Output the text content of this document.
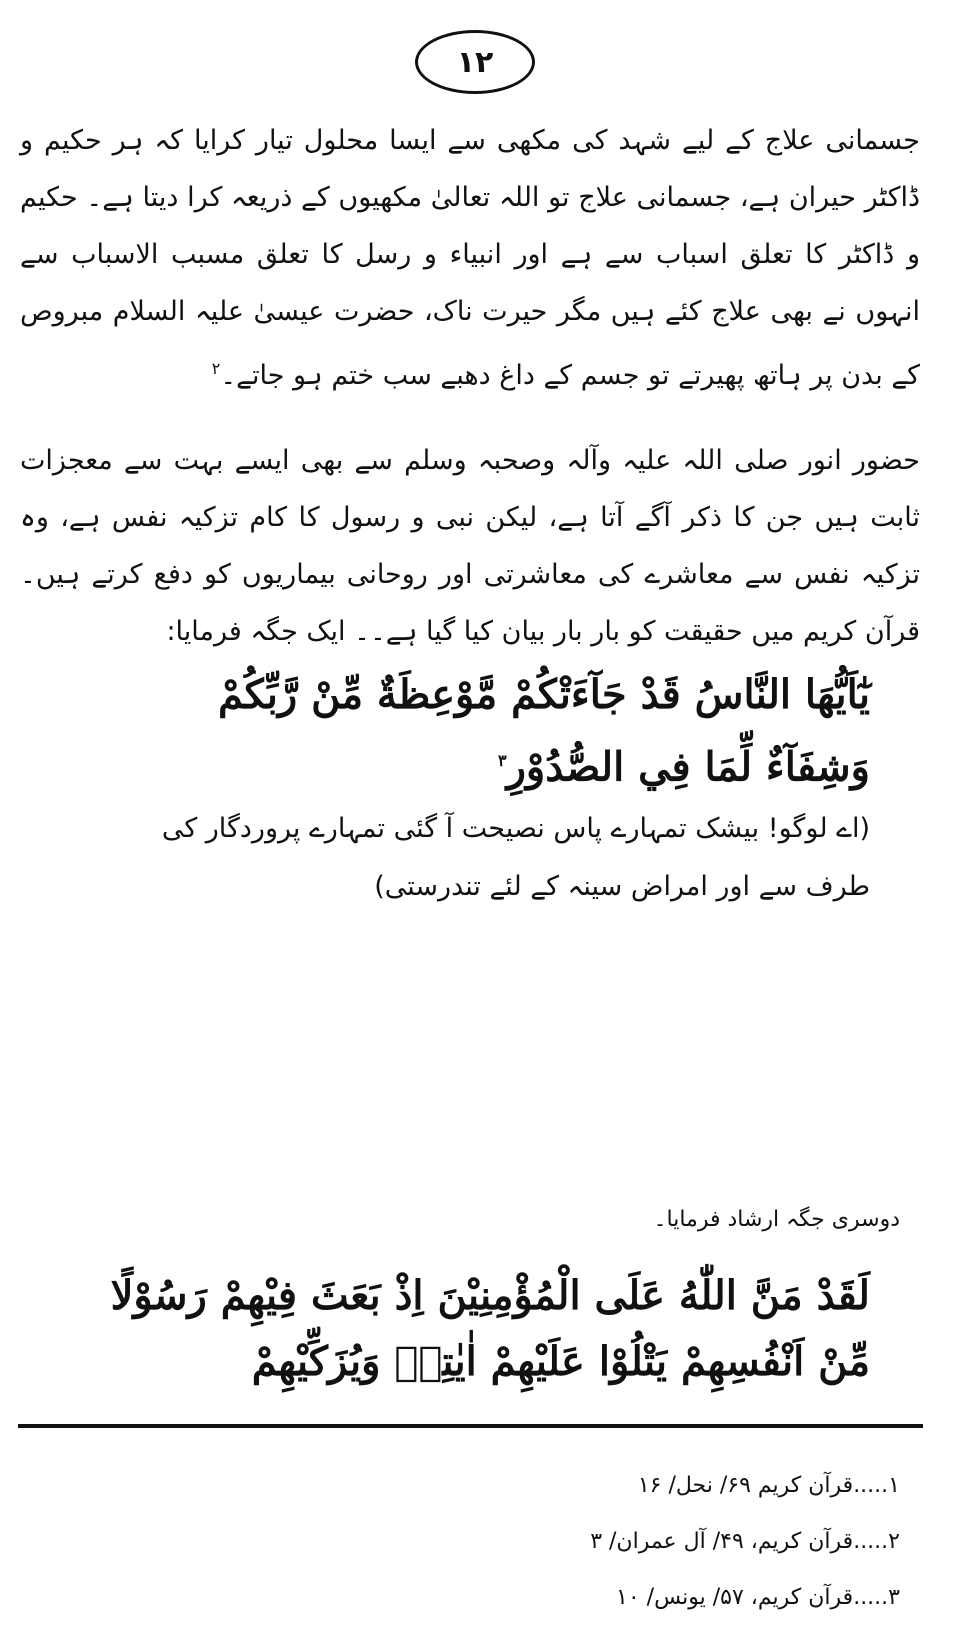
۱۲

جسمانی علاج کے لیے شہد کی مکھی سے ایسا محلول تیار کرایا کہ ہر حکیم و ڈاکٹر حیران ہے، جسمانی علاج تو اللہ تعالیٰ مکھیوں کے ذریعہ کرا دیتا ہے۔ حکیم و ڈاکٹر کا تعلق اسباب سے ہے اور انبیاء و رسل کا تعلق مسبب الاسباب سے انہوں نے بھی علاج کئے ہیں مگر حیرت ناک، حضرت عیسیٰ علیہ السلام مبروص کے بدن پر ہاتھ پھیرتے تو جسم کے داغ دھبے سب ختم ہو جاتے۔$^۲$

حضور انور صلی اللہ علیہ وآلہ وصحبہ وسلم سے بھی ایسے بہت سے معجزات ثابت ہیں جن کا ذکر آگے آتا ہے، لیکن نبی و رسول کا کام تزکیہ نفس ہے، وہ تزکیہ نفس سے معاشرے کی معاشرتی اور روحانی بیماریوں کو دفع کرتے ہیں۔ قرآن کریم میں حقیقت کو بار بار بیان کیا گیا ہے۔۔ ایک جگہ فرمایا:

يٰٓاَيُّهَا النَّاسُ قَدْ جَآءَتْكُمْ مَّوْعِظَةٌ مِّنْ رَّبِّكُمْ
وَشِفَآءٌ لِّمَا فِي الصُّدُوْرِ$^۳$
(اے لوگو! بیشک تمہارے پاس نصیحت آ گئی تمہارے پروردگار کی
طرف سے اور امراض سینہ کے لئے تندرستی)
دوسری جگہ ارشاد فرمایا۔
لَقَدْ مَنَّ اللّٰهُ عَلَى الْمُؤْمِنِيْنَ اِذْ بَعَثَ فِيْهِمْ رَسُوْلًا
مِّنْ اَنْفُسِهِمْ يَتْلُوْا عَلَيْهِمْ اٰيٰتِهٖ وَيُزَكِّيْهِمْ
۱.....قرآن کریم ۶۹/ نحل/ ۱۶
۲.....قرآن کریم، ۴۹/ آل عمران/ ۳
۳.....قرآن کریم، ۵۷/ یونس/ ۱۰
